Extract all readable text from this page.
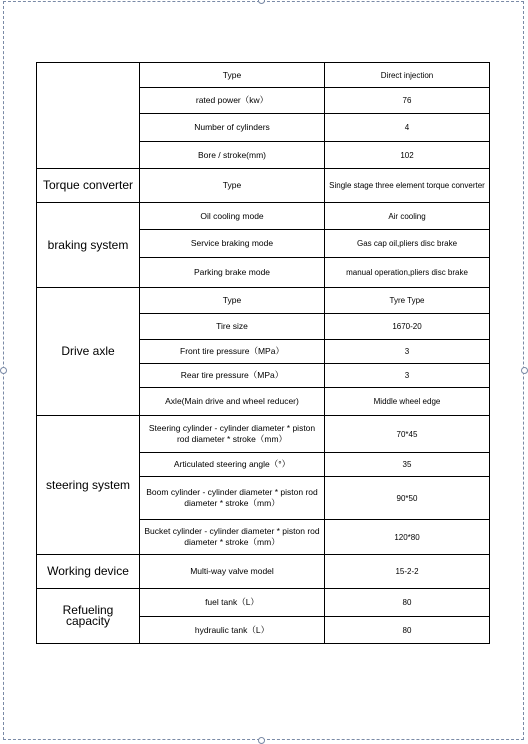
	Type	Direct injection
	rated power（kw）	76
	Number of cylinders	4
	Bore / stroke(mm)	102
Torque converter	Type	Single stage three element torque converter
braking system	Oil cooling mode	Air cooling
	Service braking mode	Gas cap oil,pliers disc brake
	Parking brake mode	manual operation,pliers disc brake
Drive axle	Type	Tyre Type
	Tire size	1670-20
	Front tire pressure（MPa）	3
	Rear tire pressure（MPa）	3
	Axle(Main drive and wheel reducer)	Middle wheel edge
steering system	Steering cylinder - cylinder diameter * piston rod diameter * stroke（mm）	70*45
	Articulated steering angle（°）	35
	Boom cylinder - cylinder diameter * piston rod diameter * stroke（mm）	90*50
	Bucket cylinder - cylinder diameter * piston rod diameter * stroke（mm）	120*80
Working device	Multi-way valve model	15-2-2
Refueling capacity	fuel tank（L）	80
	hydraulic tank（L）	80
